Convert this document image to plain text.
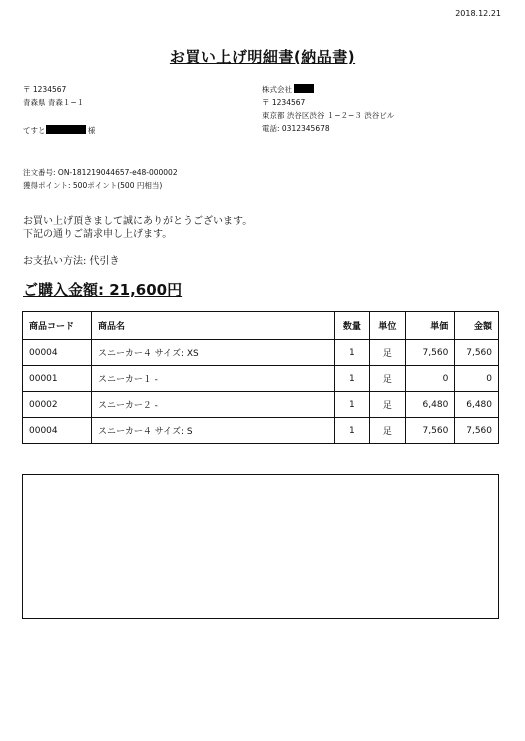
2018.12.21
お買い上げ明細書(納品書)
〒 1234567
青森県 青森１−１
てすと	様
株式会社
〒 1234567
東京都 渋谷区渋谷 １−２−３ 渋谷ビル
電話: 0312345678
注文番号: ON-181219044657-e48-000002
獲得ポイント: 500ポイント(500 円相当)
お買い上げ頂きまして誠にありがとうございます。
下記の通りご請求申し上げます。
お支払い方法: 代引き
ご購入金額: 21,600円
商品コード	商品名	数量	単位	単価	金額
00004	スニーカー４ サイズ: XS	1	足	7,560	7,560
00001	スニーカー１ -	1	足	0	0
00002	スニーカー２ -	1	足	6,480	6,480
00004	スニーカー４ サイズ: S	1	足	7,560	7,560
